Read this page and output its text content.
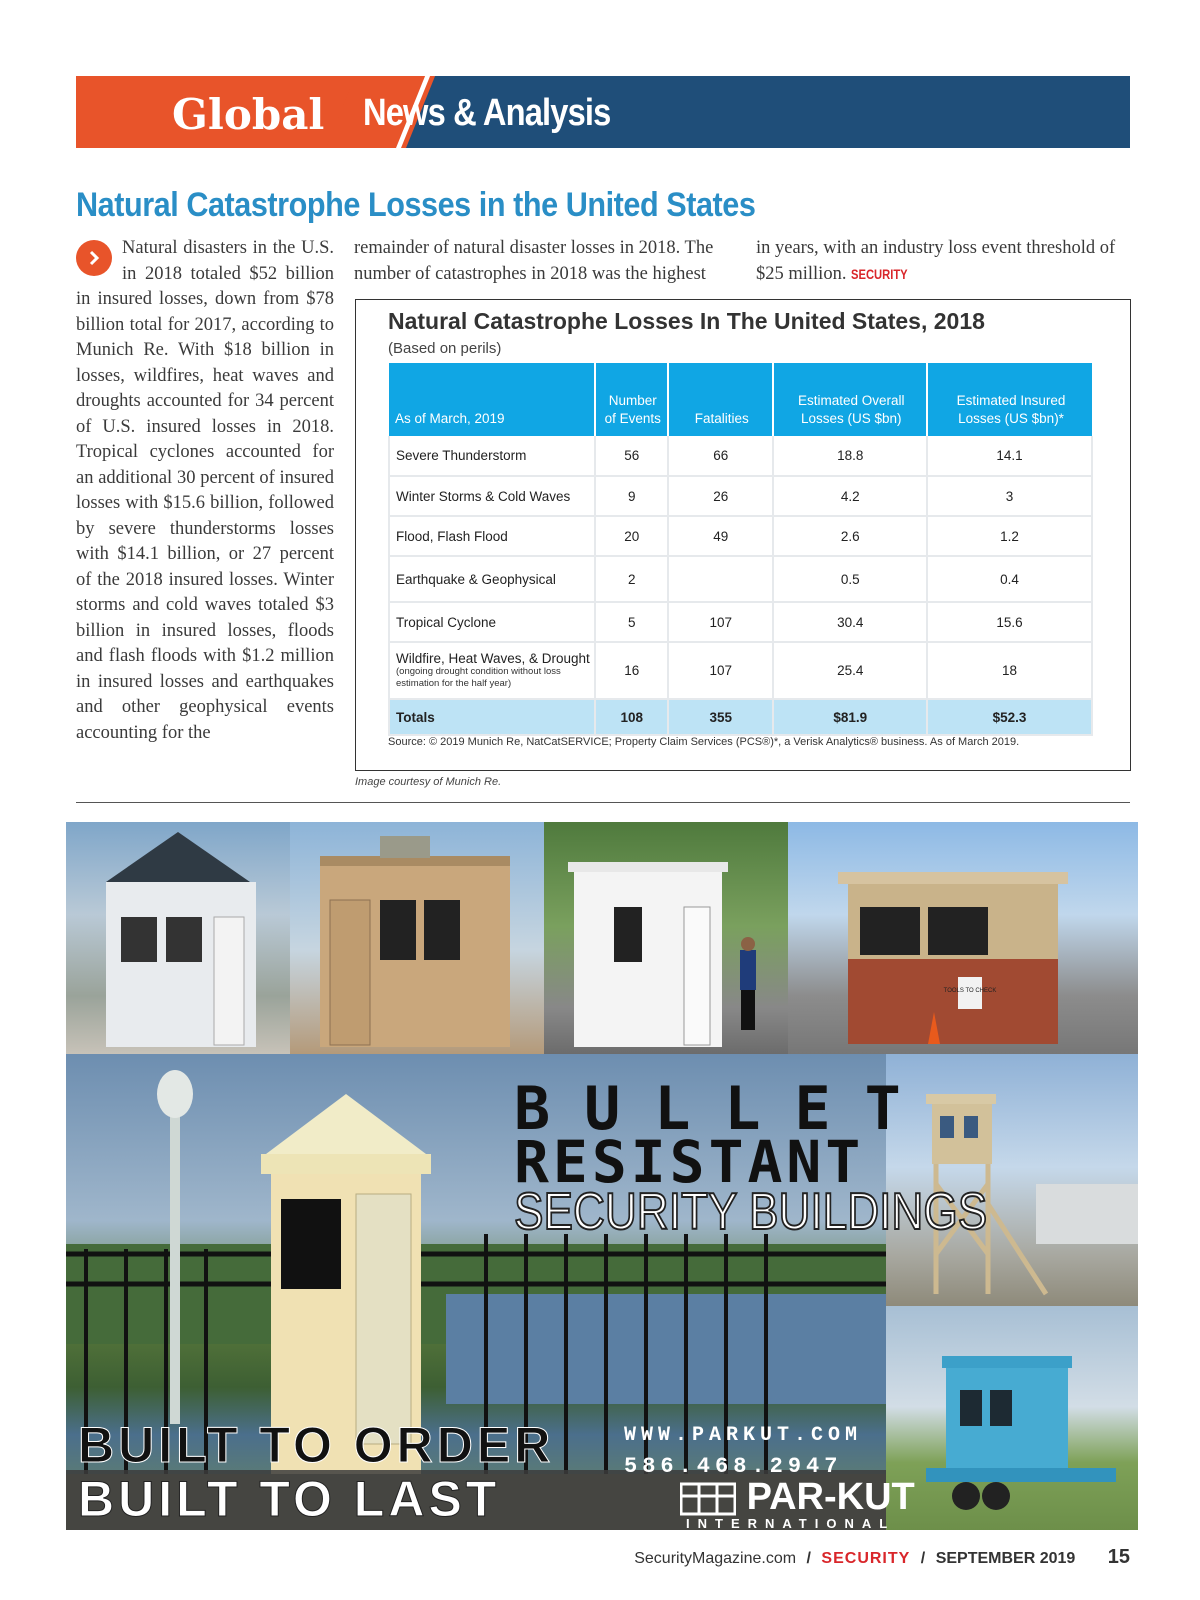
Global News & Analysis
Natural Catastrophe Losses in the United States
Natural disasters in the U.S. in 2018 totaled $52 billion in insured losses, down from $78 billion total for 2017, according to Munich Re. With $18 billion in losses, wildfires, heat waves and droughts accounted for 34 percent of U.S. insured losses in 2018. Tropical cyclones accounted for an additional 30 percent of insured losses with $15.6 billion, followed by severe thunderstorms losses with $14.1 billion, or 27 percent of the 2018 insured losses. Winter storms and cold waves totaled $3 billion in insured losses, floods and flash floods with $1.2 million in insured losses and earthquakes and other geophysical events accounting for the
remainder of natural disaster losses in 2018. The number of catastrophes in 2018 was the highest
in years, with an industry loss event threshold of $25 million. SECURITY
Natural Catastrophe Losses In The United States, 2018
(Based on perils)
As of March, 2019	Number of Events	Fatalities	Estimated Overall Losses (US $bn)	Estimated Insured Losses (US $bn)*
Severe Thunderstorm	56	66	18.8	14.1
Winter Storms & Cold Waves	9	26	4.2	3
Flood, Flash Flood	20	49	2.6	1.2
Earthquake & Geophysical	2		0.5	0.4
Tropical Cyclone	5	107	30.4	15.6
Wildfire, Heat Waves, & Drought
(ongoing drought condition without loss estimation for the half year)	16	107	25.4	18
Totals	108	355	$81.9	$52.3
Source: © 2019 Munich Re, NatCatSERVICE; Property Claim Services (PCS®)*, a Verisk Analytics® business. As of March 2019.
Image courtesy of Munich Re.
TOOLS TO CHECK
BULLET
RESISTANT
SECURITY BUILDINGS
BUILT TO ORDER
BUILT TO LAST
WWW.PARKUT.COM
586.468.2947
PAR-KUT
INTERNATIONAL
SecurityMagazine.com / SECURITY / SEPTEMBER 2019 15
